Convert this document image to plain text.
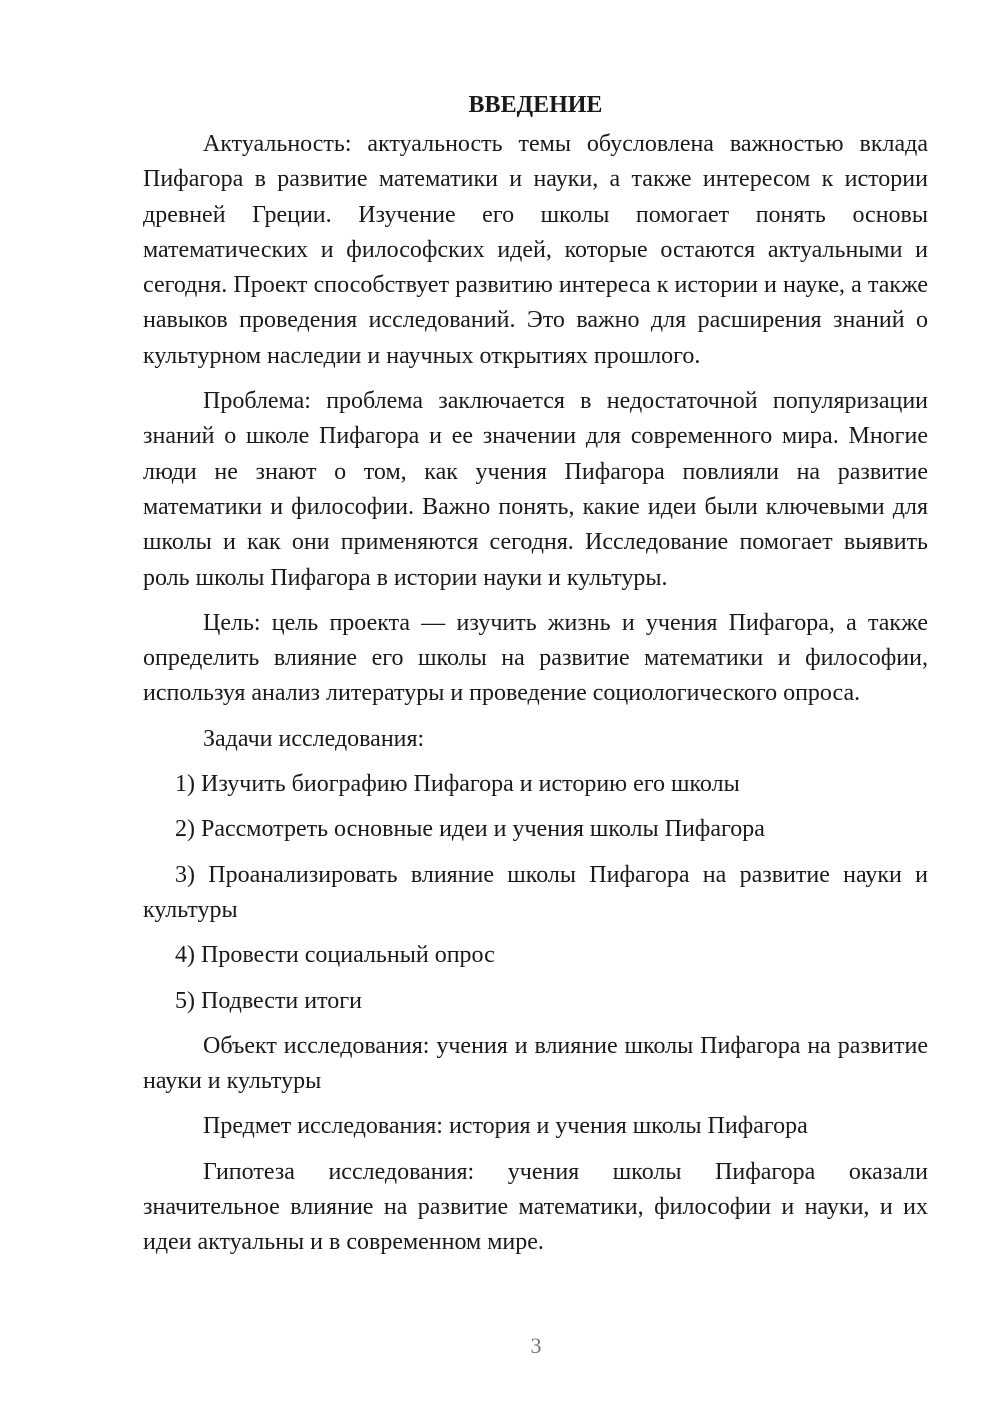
ВВЕДЕНИЕ

Актуальность: актуальность темы обусловлена важностью вклада Пифагора в развитие математики и науки, а также интересом к истории древней Греции. Изучение его школы помогает понять основы математических и философских идей, которые остаются актуальными и сегодня. Проект способствует развитию интереса к истории и науке, а также навыков проведения исследований. Это важно для расширения знаний о культурном наследии и научных открытиях прошлого.

Проблема: проблема заключается в недостаточной популяризации знаний о школе Пифагора и ее значении для современного мира. Многие люди не знают о том, как учения Пифагора повлияли на развитие математики и философии. Важно понять, какие идеи были ключевыми для школы и как они применяются сегодня. Исследование помогает выявить роль школы Пифагора в истории науки и культуры.

Цель: цель проекта — изучить жизнь и учения Пифагора, а также определить влияние его школы на развитие математики и философии, используя анализ литературы и проведение социологического опроса.

Задачи исследования:

1) Изучить биографию Пифагора и историю его школы

2) Рассмотреть основные идеи и учения школы Пифагора

3) Проанализировать влияние школы Пифагора на развитие науки и культуры

4) Провести социальный опрос

5) Подвести итоги

Объект исследования: учения и влияние школы Пифагора на развитие науки и культуры

Предмет исследования: история и учения школы Пифагора

Гипотеза исследования: учения школы Пифагора оказали значительное влияние на развитие математики, философии и науки, и их идеи актуальны и в современном мире.

3
